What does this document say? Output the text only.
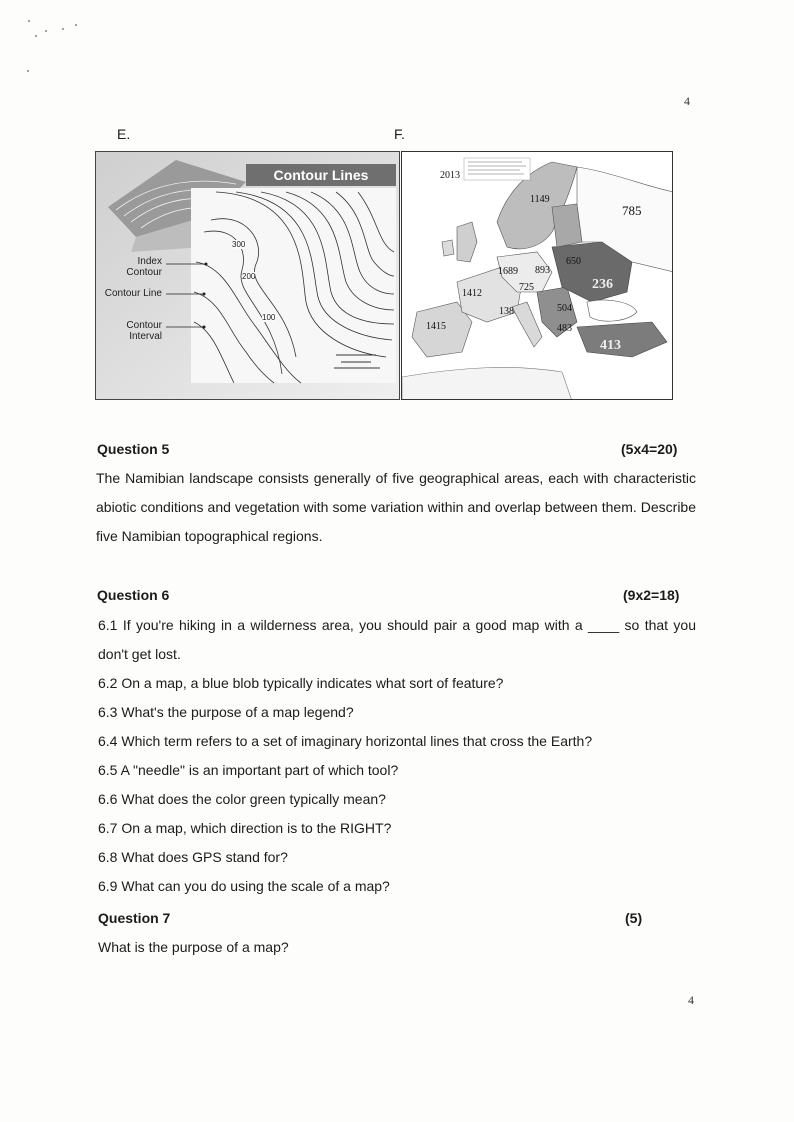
4
E.	F.
Contour Lines
Index Contour
Contour Line
Contour Interval
300
200
100
785
1689 893
1412
1415
236
413
650
504
483
138
725
1149
2013
Question 5	(5x4=20)
The Namibian landscape consists generally of five geographical areas, each with characteristic abiotic conditions and vegetation with some variation within and overlap between them. Describe five Namibian topographical regions.
Question 6	(9x2=18)
6.1 If you're hiking in a wilderness area, you should pair a good map with a ____ so that you
don't get lost.
6.2 On a map, a blue blob typically indicates what sort of feature?
6.3 What's the purpose of a map legend?
6.4 Which term refers to a set of imaginary horizontal lines that cross the Earth?
6.5 A "needle" is an important part of which tool?
6.6 What does the color green typically mean?
6.7 On a map, which direction is to the RIGHT?
6.8 What does GPS stand for?
6.9 What can you do using the scale of a map?
Question 7	(5)
What is the purpose of a map?
4
